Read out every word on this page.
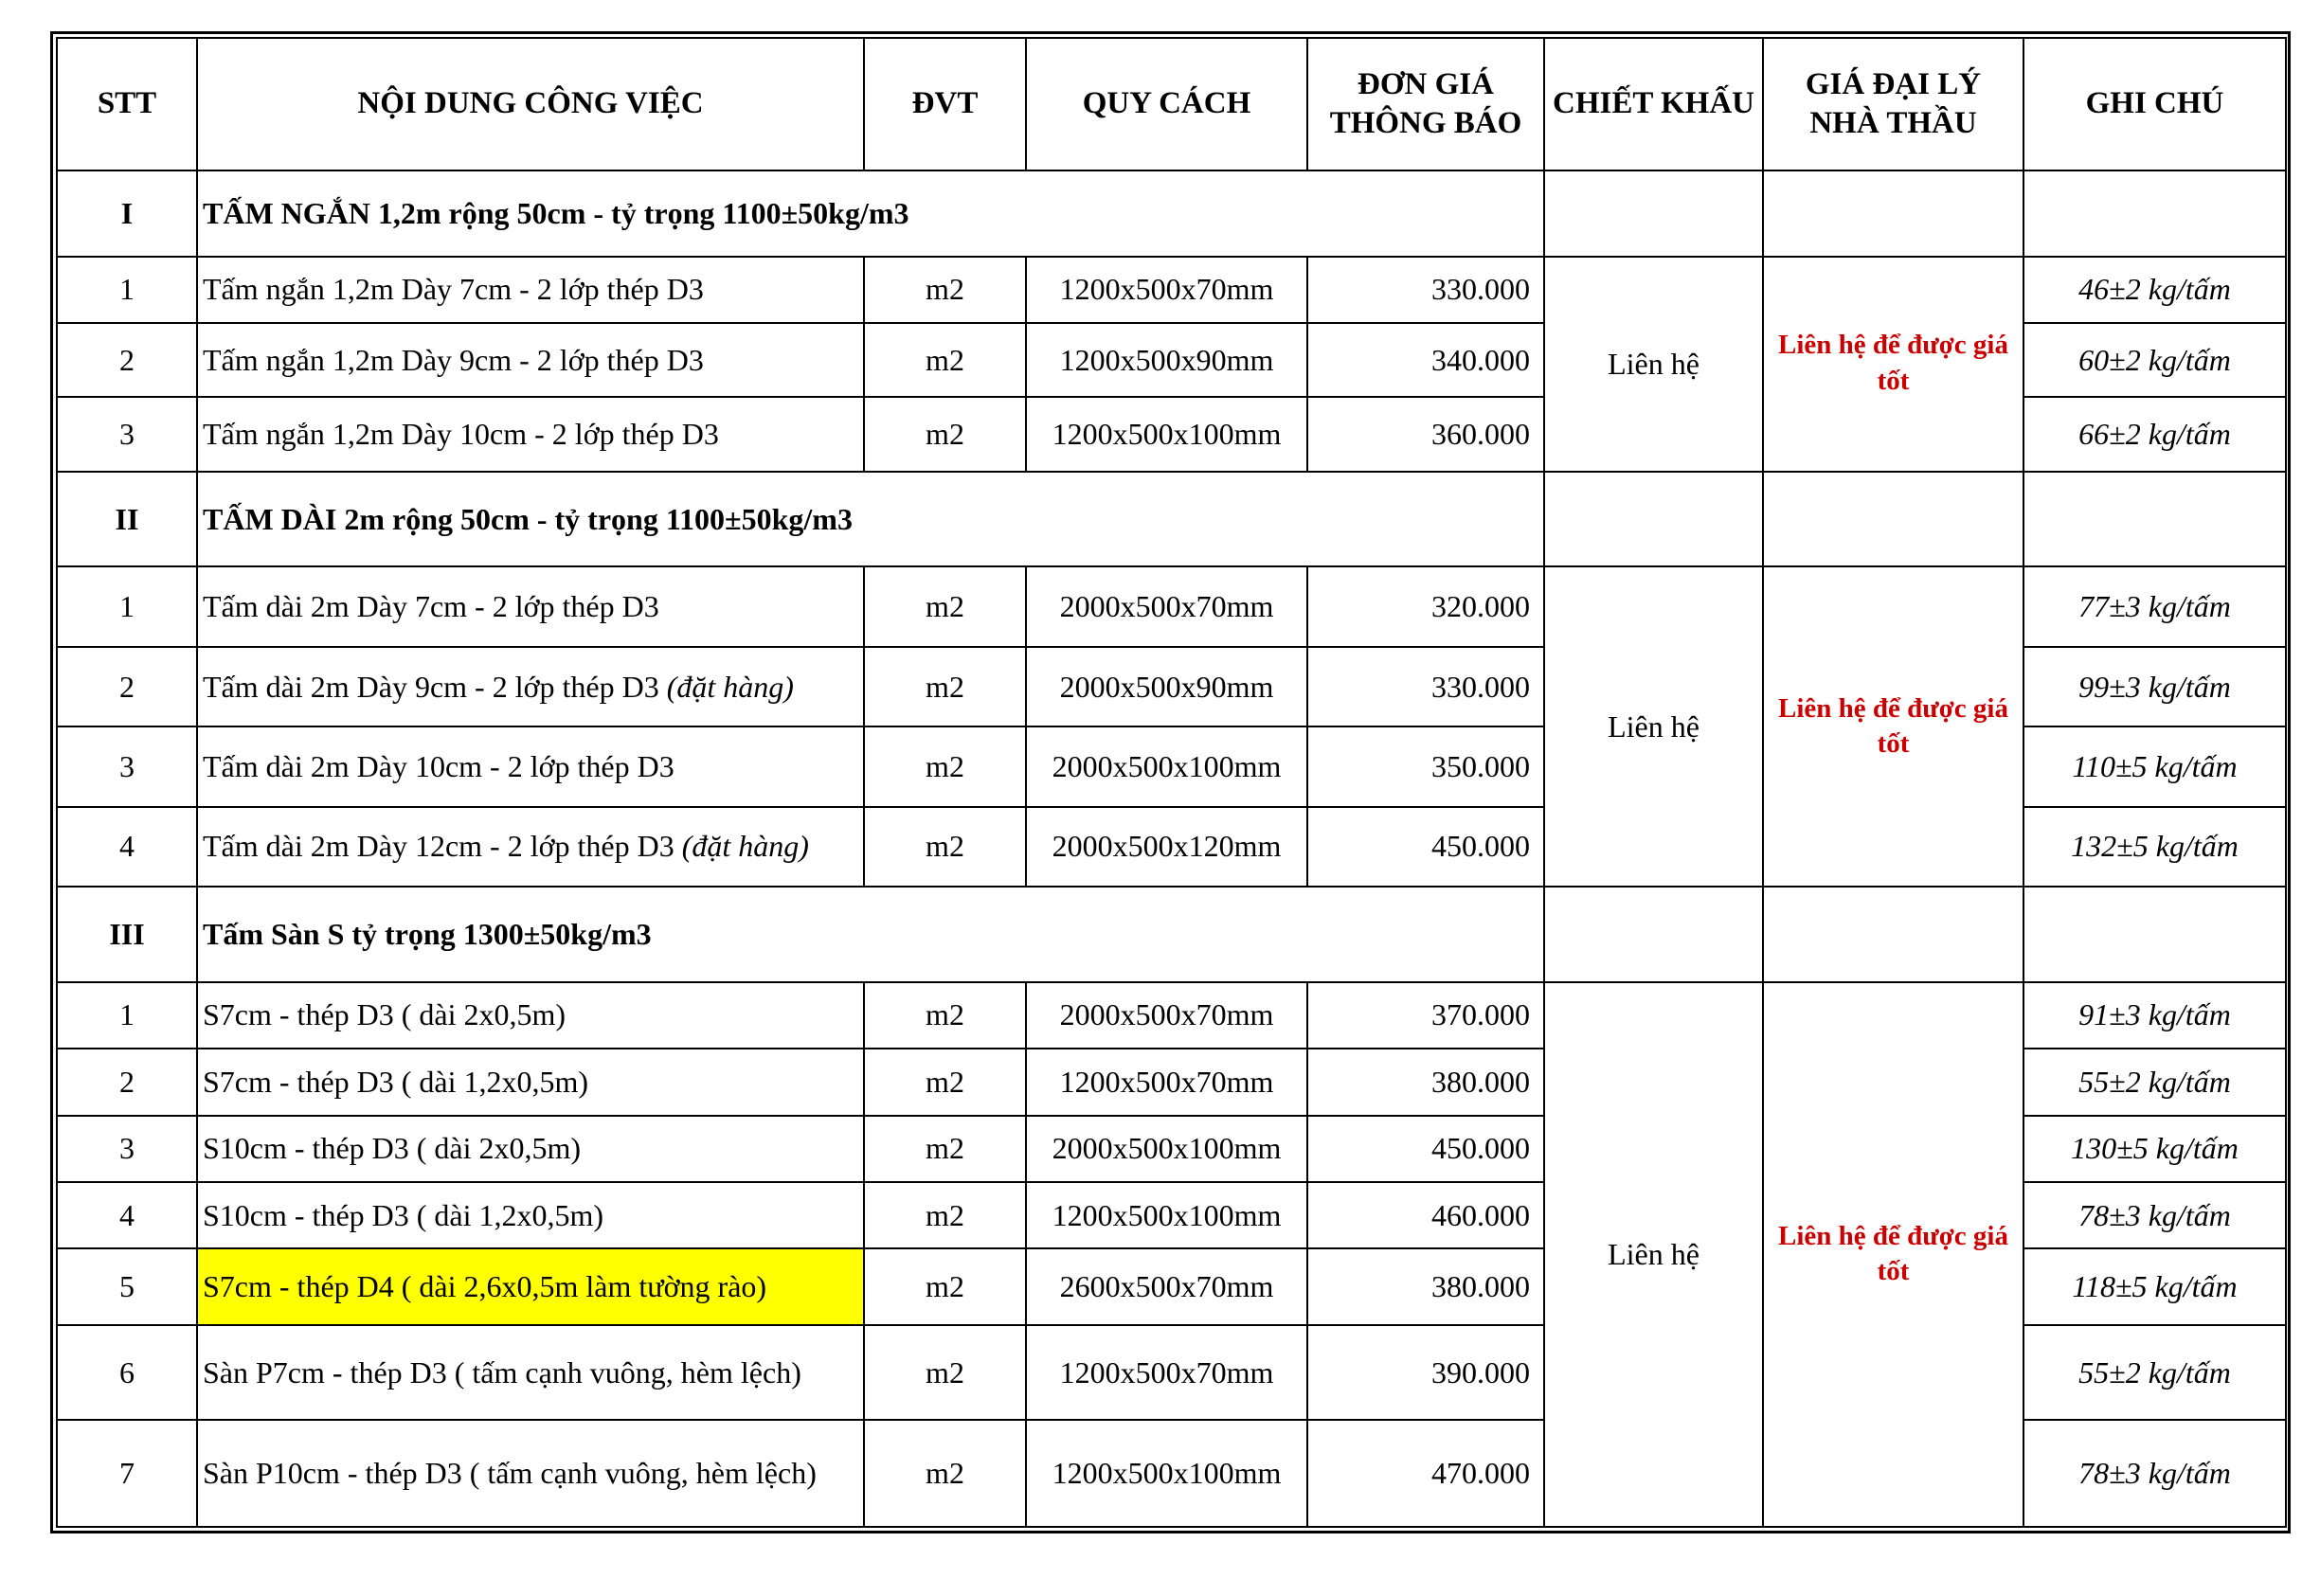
STT	NỘI DUNG CÔNG VIỆC	ĐVT	QUY CÁCH	ĐƠN GIÁ THÔNG BÁO	CHIẾT KHẤU	GIÁ ĐẠI LÝ NHÀ THẦU	GHI CHÚ
I	TẤM NGẮN 1,2m rộng 50cm - tỷ trọng 1100±50kg/m3						
1	Tấm ngắn 1,2m Dày 7cm - 2 lớp thép D3	m2	1200x500x70mm	330.000	Liên hệ	Liên hệ để được giá tốt	46±2 kg/tấm
2	Tấm ngắn 1,2m Dày 9cm - 2 lớp thép D3	m2	1200x500x90mm	340.000			60±2 kg/tấm
3	Tấm ngắn 1,2m Dày 10cm - 2 lớp thép D3	m2	1200x500x100mm	360.000			66±2 kg/tấm
II	TẤM DÀI 2m rộng 50cm - tỷ trọng 1100±50kg/m3						
1	Tấm dài 2m Dày 7cm - 2 lớp thép D3	m2	2000x500x70mm	320.000	Liên hệ	Liên hệ để được giá tốt	77±3 kg/tấm
2	Tấm dài 2m Dày 9cm - 2 lớp thép D3 (đặt hàng)	m2	2000x500x90mm	330.000			99±3 kg/tấm
3	Tấm dài 2m Dày 10cm - 2 lớp thép D3	m2	2000x500x100mm	350.000			110±5 kg/tấm
4	Tấm dài 2m Dày 12cm - 2 lớp thép D3 (đặt hàng)	m2	2000x500x120mm	450.000			132±5 kg/tấm
III	Tấm Sàn S tỷ trọng 1300±50kg/m3						
1	S7cm - thép D3 ( dài 2x0,5m)	m2	2000x500x70mm	370.000	Liên hệ	Liên hệ để được giá tốt	91±3 kg/tấm
2	S7cm - thép D3 ( dài 1,2x0,5m)	m2	1200x500x70mm	380.000			55±2 kg/tấm
3	S10cm - thép D3 ( dài 2x0,5m)	m2	2000x500x100mm	450.000			130±5 kg/tấm
4	S10cm - thép D3 ( dài 1,2x0,5m)	m2	1200x500x100mm	460.000			78±3 kg/tấm
5	S7cm - thép D4 ( dài 2,6x0,5m làm tường rào)	m2	2600x500x70mm	380.000			118±5 kg/tấm
6	Sàn P7cm - thép D3 ( tấm cạnh vuông, hèm lệch)	m2	1200x500x70mm	390.000			55±2 kg/tấm
7	Sàn P10cm - thép D3 ( tấm cạnh vuông, hèm lệch)	m2	1200x500x100mm	470.000			78±3 kg/tấm
